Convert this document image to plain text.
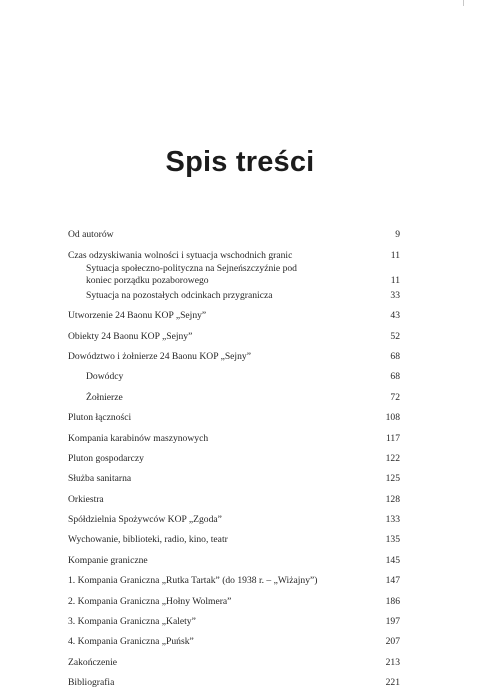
Spis treści
Od autorów	9
Czas odzyskiwania wolności i sytuacja wschodnich granic	11
Sytuacja społeczno-polityczna na Sejneńszczyźnie pod koniec porządku pozaborowego	11
Sytuacja na pozostałych odcinkach przygranicza	33
Utworzenie 24 Baonu KOP „Sejny”	43
Obiekty 24 Baonu KOP „Sejny”	52
Dowództwo i żołnierze 24 Baonu KOP „Sejny”	68
Dowódcy	68
Żołnierze	72
Pluton łączności	108
Kompania karabinów maszynowych	117
Pluton gospodarczy	122
Służba sanitarna	125
Orkiestra	128
Spółdzielnia Spożywców KOP „Zgoda”	133
Wychowanie, biblioteki, radio, kino, teatr	135
Kompanie graniczne	145
1. Kompania Graniczna „Rutka Tartak” (do 1938 r. – „Wiżajny”)	147
2. Kompania Graniczna „Hołny Wolmera”	186
3. Kompania Graniczna „Kalety”	197
4. Kompania Graniczna „Puńsk”	207
Zakończenie	213
Bibliografia	221
